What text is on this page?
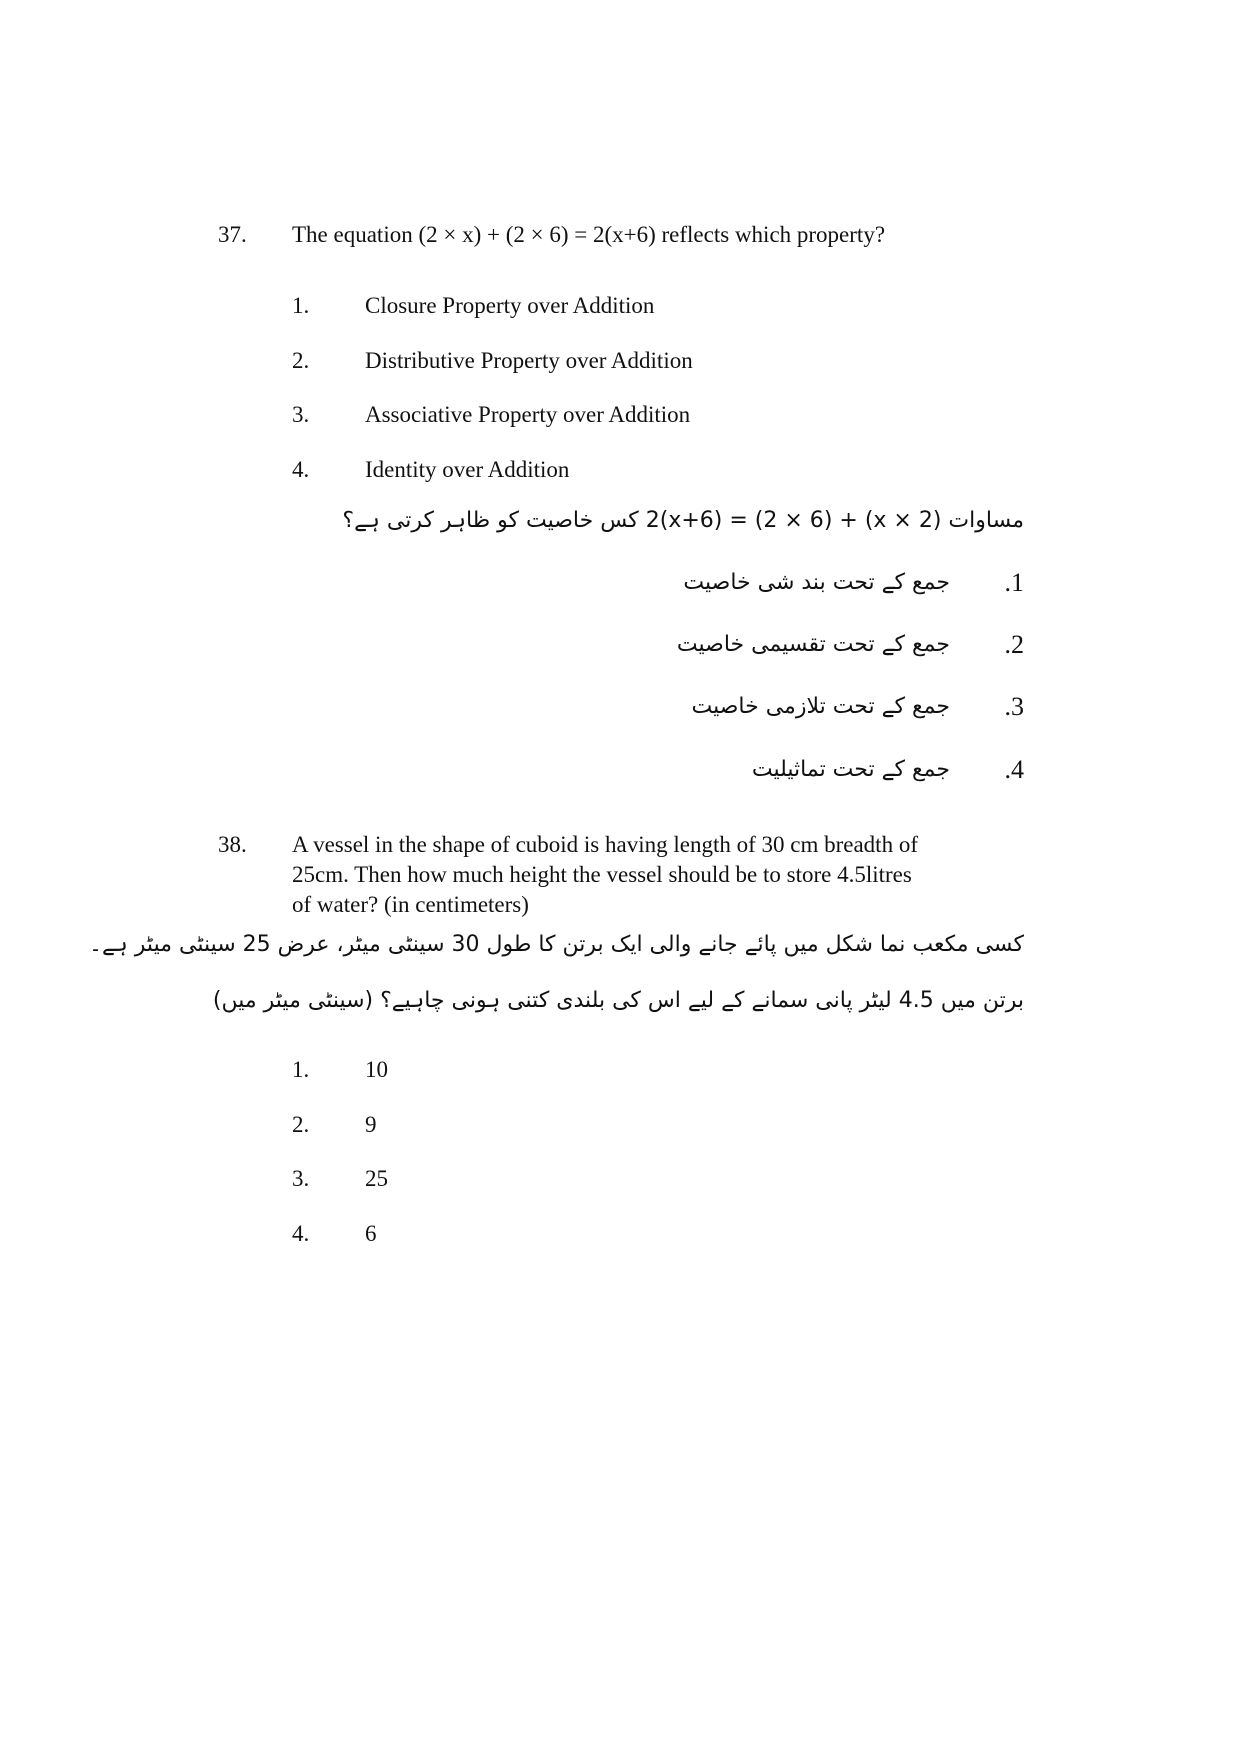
37. The equation (2 × x) + (2 × 6) = 2(x+6) reflects which property?
1. Closure Property over Addition
2. Distributive Property over Addition
3. Associative Property over Addition
4. Identity over Addition
مساوات (2 × x) + (2 × 6) = 2(x+6) کس خاصیت کو ظاہر کرتی ہے؟
.1
جمع کے تحت بند شی خاصیت
.2
جمع کے تحت تقسیمی خاصیت
.3
جمع کے تحت تلازمی خاصیت
.4
جمع کے تحت تماثیلیت
38. A vessel in the shape of cuboid is having length of 30 cm breadth of
25cm. Then how much height the vessel should be to store 4.5litres
of water? (in centimeters)
کسی مکعب نما شکل میں پائے جانے والی ایک برتن کا طول 30 سینٹی میٹر، عرض 25 سینٹی میٹر ہے۔
برتن میں 4.5 لیٹر پانی سمانے کے لیے اس کی بلندی کتنی ہونی چاہیے؟ (سینٹی میٹر میں)
1. 10
2. 9
3. 25
4. 6
